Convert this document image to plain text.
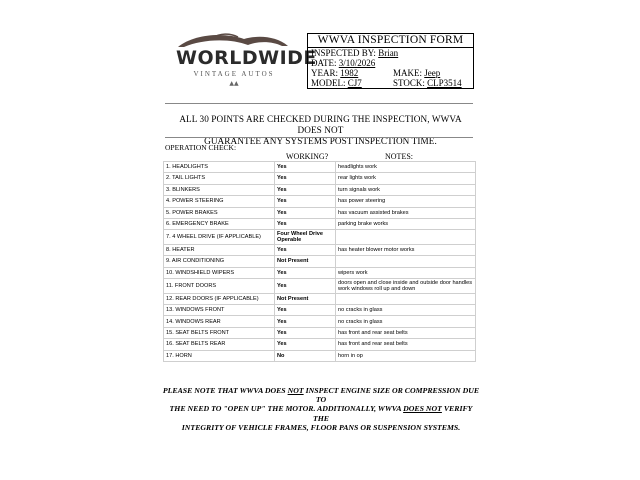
WORLDWIDE
VINTAGE AUTOS
▲▲
WWVA INSPECTION FORM
INSPECTED BY: Brian
DATE: 3/10/2026
YEAR: 1982	MAKE: Jeep
MODEL: CJ7	STOCK: CLP3514
ALL 30 POINTS ARE CHECKED DURING THE INSPECTION, WWVA DOES NOT
GUARANTEE ANY SYSTEMS POST INSPECTION TIME.
OPERATION CHECK:
WORKING?	NOTES:
1. HEADLIGHTS	Yes	headlights work
2. TAIL LIGHTS	Yes	rear lights work
3. BLINKERS	Yes	turn signals work
4. POWER STEERING	Yes	has power steering
5. POWER BRAKES	Yes	has vacuum assisted brakes
6. EMERGENCY BRAKE	Yes	parking brake works
7. 4 WHEEL DRIVE (IF APPLICABLE)	Four Wheel Drive Operable	
8. HEATER	Yes	has heater blower motor works
9. AIR CONDITIONING	Not Present	
10. WINDSHIELD WIPERS	Yes	wipers work
11. FRONT DOORS	Yes	doors open and close inside and outside door handles work windows roll up and down
12. REAR DOORS (IF APPLICABLE)	Not Present	
13. WINDOWS FRONT	Yes	no cracks in glass
14. WINDOWS REAR	Yes	no cracks in glass
15. SEAT BELTS FRONT	Yes	has front and rear seat belts
16. SEAT BELTS REAR	Yes	has front and rear seat belts
17. HORN	No	horn in op
PLEASE NOTE THAT WWVA DOES NOT INSPECT ENGINE SIZE OR COMPRESSION DUE TO
THE NEED TO "OPEN UP" THE MOTOR. ADDITIONALLY, WWVA DOES NOT VERIFY THE
INTEGRITY OF VEHICLE FRAMES, FLOOR PANS OR SUSPENSION SYSTEMS.
